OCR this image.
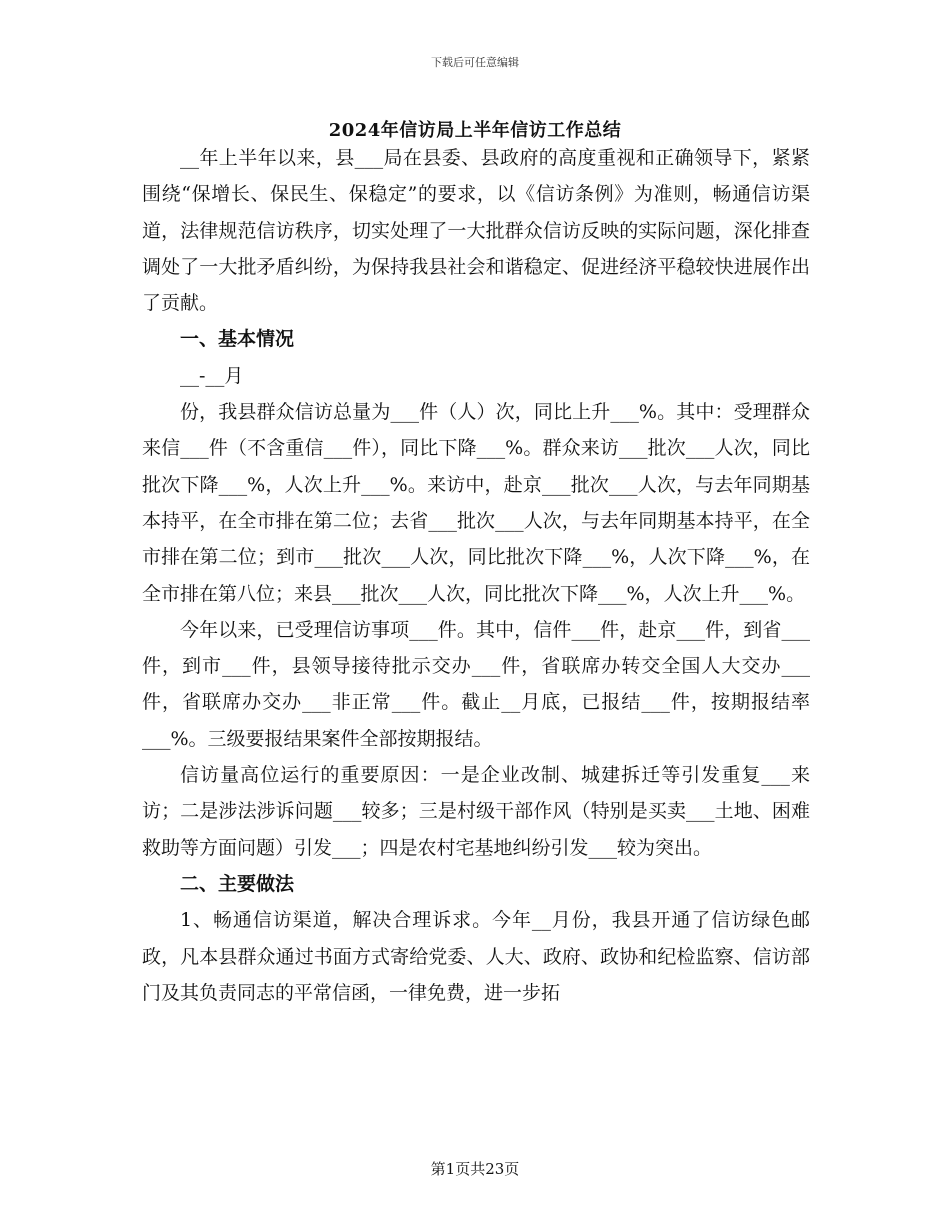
下载后可任意编辑
2024年信访局上半年信访工作总结

__年上半年以来，县___局在县委、县政府的高度重视和正确领导下，紧紧围绕“保增长、保民生、保稳定”的要求，以《信访条例》为准则，畅通信访渠道，法律规范信访秩序，切实处理了一大批群众信访反映的实际问题，深化排查调处了一大批矛盾纠纷，为保持我县社会和谐稳定、促进经济平稳较快进展作出了贡献。

一、基本情况

__-__月

份，我县群众信访总量为___件（人）次，同比上升___%。其中：受理群众来信___件（不含重信___件），同比下降___%。群众来访___批次___人次，同比批次下降___%，人次上升___%。来访中，赴京___批次___人次，与去年同期基本持平，在全市排在第二位；去省___批次___人次，与去年同期基本持平，在全市排在第二位；到市___批次___人次，同比批次下降___%，人次下降___%，在全市排在第八位；来县___批次___人次，同比批次下降___%，人次上升___%。

今年以来，已受理信访事项___件。其中，信件___件，赴京___件，到省___件，到市___件，县领导接待批示交办___件，省联席办转交全国人大交办___件，省联席办交办___非正常___件。截止__月底，已报结___件，按期报结率___%。三级要报结果案件全部按期报结。

信访量高位运行的重要原因：一是企业改制、城建拆迁等引发重复___来访；二是涉法涉诉问题___较多；三是村级干部作风（特别是买卖___土地、困难救助等方面问题）引发___；四是农村宅基地纠纷引发___较为突出。

二、主要做法

1、畅通信访渠道，解决合理诉求。今年__月份，我县开通了信访绿色邮政，凡本县群众通过书面方式寄给党委、人大、政府、政协和纪检监察、信访部门及其负责同志的平常信函，一律免费，进一步拓

第1页共23页
